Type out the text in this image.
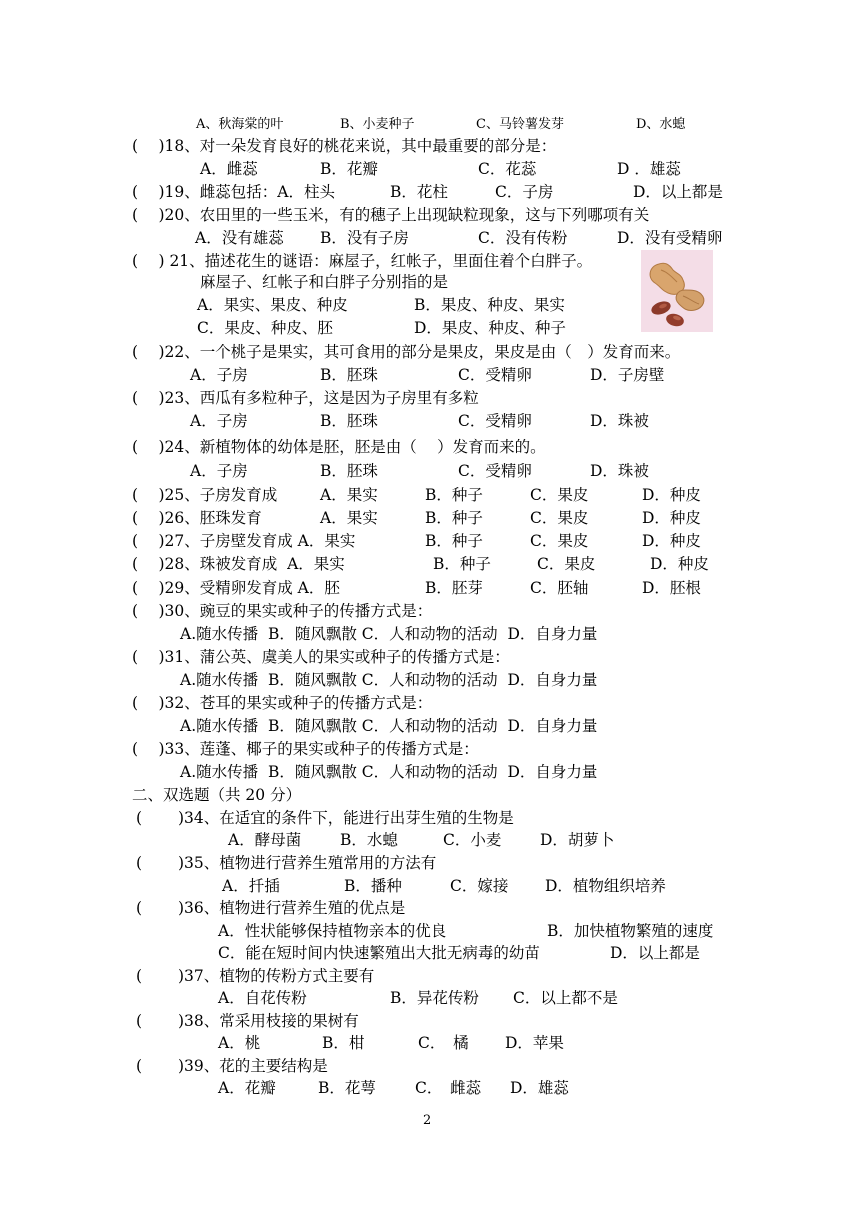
A、秋海棠的叶	B、小麦种子	C、马铃薯发芽	D、水螅
(　 )18、对一朵发育良好的桃花来说，其中最重要的部分是：
A．雌蕊	B．花瓣	C．花蕊	D ．雄蕊
(　 )19、雌蕊包括：A．柱头	B．花柱	C．子房	D．以上都是
(　 )20、农田里的一些玉米，有的穗子上出现缺粒现象，这与下列哪项有关
A．没有雄蕊 B．没有子房	C．没有传粉	D．没有受精卵
(　 ) 21、描述花生的谜语：麻屋子，红帐子，里面住着个白胖子。
麻屋子、红帐子和白胖子分别指的是
A．果实、果皮、种皮	B．果皮、种皮、果实
C．果皮、种皮、胚	D．果皮、种皮、种子
(　 )22、一个桃子是果实，其可食用的部分是果皮，果皮是由（　）发育而来。
A．子房	B．胚珠	C．受精卵	D．子房壁
(　 )23、西瓜有多粒种子，这是因为子房里有多粒
A．子房	B．胚珠	C．受精卵	D．珠被
(　 )24、新植物体的幼体是胚，胚是由（　 ）发育而来的。
A．子房	B．胚珠	C．受精卵	D．珠被
(　 )25、子房发育成	A．果实	B．种子	C．果皮	D．种皮
(　 )26、胚珠发育	A．果实	B．种子	C．果皮	D．种皮
(　 )27、子房壁发育成 A．果实	B．种子	C．果皮	D．种皮
(　 )28、珠被发育成  A．果实	B．种子	C．果皮	D．种皮
(　 )29、受精卵发育成 A．胚	B．胚芽	C．胚轴	D．胚根
(　 )30、豌豆的果实或种子的传播方式是：
A.随水传播  B．随风飘散 C．人和动物的活动  D．自身力量
(　 )31、蒲公英、虞美人的果实或种子的传播方式是：
A.随水传播  B．随风飘散 C．人和动物的活动  D．自身力量
(　 )32、苍耳的果实或种子的传播方式是：
A.随水传播  B．随风飘散 C．人和动物的活动  D．自身力量
(　 )33、莲蓬、椰子的果实或种子的传播方式是：
A.随水传播  B．随风飘散 C．人和动物的活动  D．自身力量
二、双选题（共 20 分）
(　　 )34、在适宜的条件下，能进行出芽生殖的生物是
A．酵母菌	B．水螅	C．小麦 D．胡萝卜
(　　 )35、植物进行营养生殖常用的方法有
A．扦插	B．播种	C．嫁接 D．植物组织培养
(　　 )36、植物进行营养生殖的优点是
A．性状能够保持植物亲本的优良	B．加快植物繁殖的速度
C．能在短时间内快速繁殖出大批无病毒的幼苗	D．以上都是
(　　 )37、植物的传粉方式主要有
A．自花传粉	B．异花传粉 C．以上都不是
(　　 )38、常采用枝接的果树有
A．桃	B．柑	C．　橘 D．苹果
(　　 )39、花的主要结构是
A．花瓣	B．花萼	C．　雌蕊 D．雄蕊
2
